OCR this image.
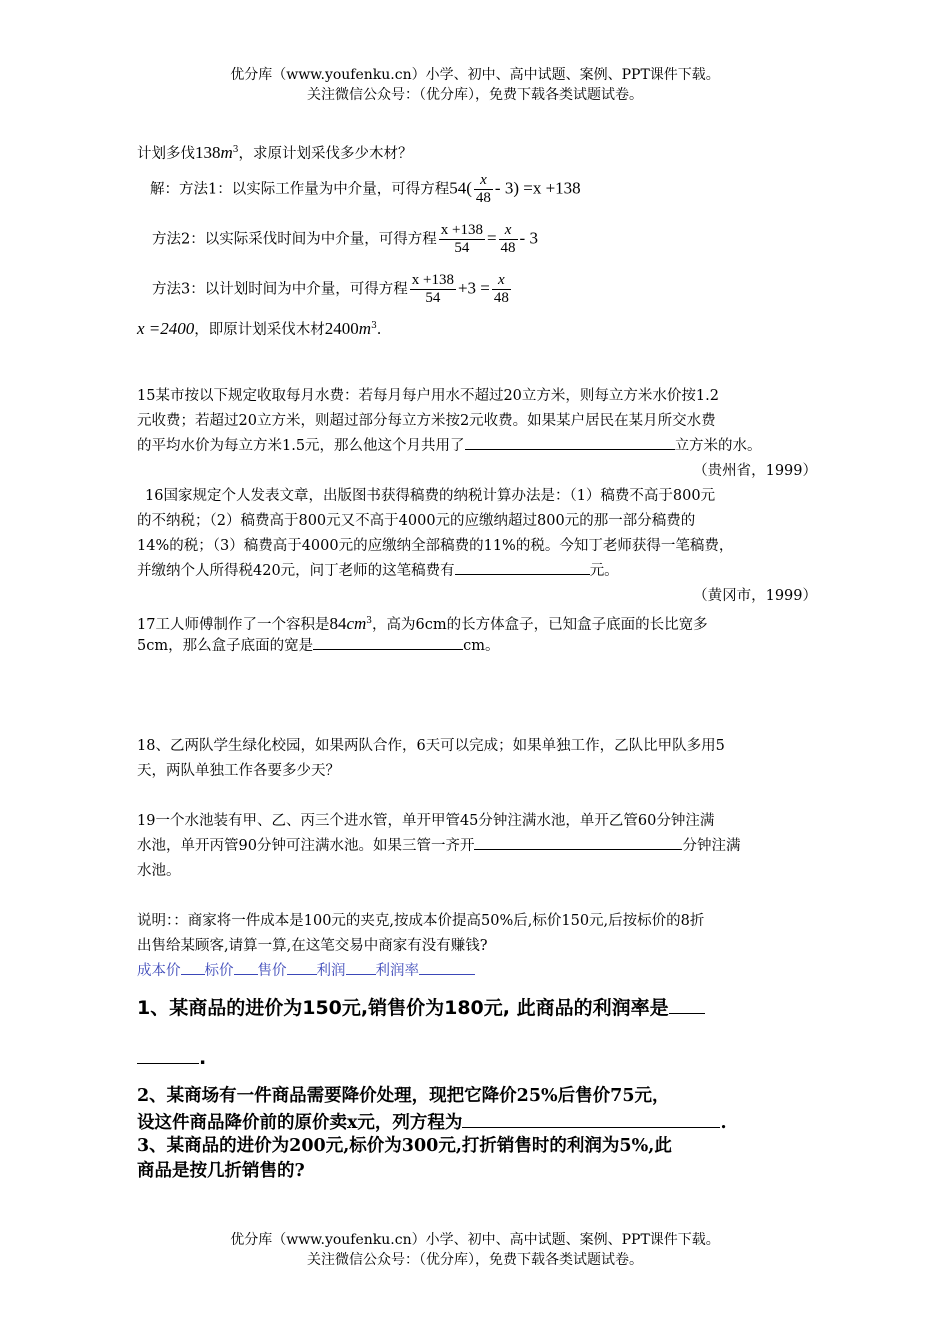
优分库（www.youfenku.cn）小学、初中、高中试题、案例、PPT课件下载。
关注微信公众号：（优分库），免费下载各类试题试卷。
计划多伐$138m^3$，求原计划采伐多少木材？
解：方法1：以实际工作量为中介量，可得方程$54( \frac{x}{48} - 3) =x +138$
方法2：以实际采伐时间为中介量，可得方程 $\frac{x +138}{54} = \frac{x}{48} - 3$
方法3：以计划时间为中介量，可得方程 $\frac{x +138}{54} +3 = \frac{x}{48}$
x =2400，即原计划采伐木材$2400m^3$.
15某市按以下规定收取每月水费：若每月每户用水不超过20立方米，则每立方米水价按1.2
元收费；若超过20立方米，则超过部分每立方米按2元收费。如果某户居民在某月所交水费
的平均水价为每立方米1.5元，那么他这个月共用了	立方米的水。
（贵州省，1999）
16国家规定个人发表文章，出版图书获得稿费的纳税计算办法是：（1）稿费不高于800元
的不纳税；（2）稿费高于800元又不高于4000元的应缴纳超过800元的那一部分稿费的
14%的税；（3）稿费高于4000元的应缴纳全部稿费的11%的税。今知丁老师获得一笔稿费，
并缴纳个人所得税420元，问丁老师的这笔稿费有	元。
（黄冈市，1999）
17工人师傅制作了一个容积是$84cm^3$，高为6cm的长方体盒子，已知盒子底面的长比宽多
5cm，那么盒子底面的宽是	cm。
18、乙两队学生绿化校园，如果两队合作，6天可以完成；如果单独工作，乙队比甲队多用5
天，两队单独工作各要多少天？
19一个水池装有甲、乙、丙三个进水管，单开甲管45分钟注满水池，单开乙管60分钟注满
水池，单开丙管90分钟可注满水池。如果三管一齐开	分钟注满
水池。
说明：：商家将一件成本是100元的夹克,按成本价提高50%后,标价150元,后按标价的8折
出售给某顾客,请算一算,在这笔交易中商家有没有赚钱?
成本价 标价 售价 利润 利润率
1、某商品的进价为150元,销售价为180元, 此商品的利润率是
.
2、某商场有一件商品需要降价处理，现把它降价25%后售价75元，
设这件商品降价前的原价卖x元，列方程为	.
3、某商品的进价为200元,标价为300元,打折销售时的利润为5%,此
商品是按几折销售的?
优分库（www.youfenku.cn）小学、初中、高中试题、案例、PPT课件下载。
关注微信公众号：（优分库），免费下载各类试题试卷。
